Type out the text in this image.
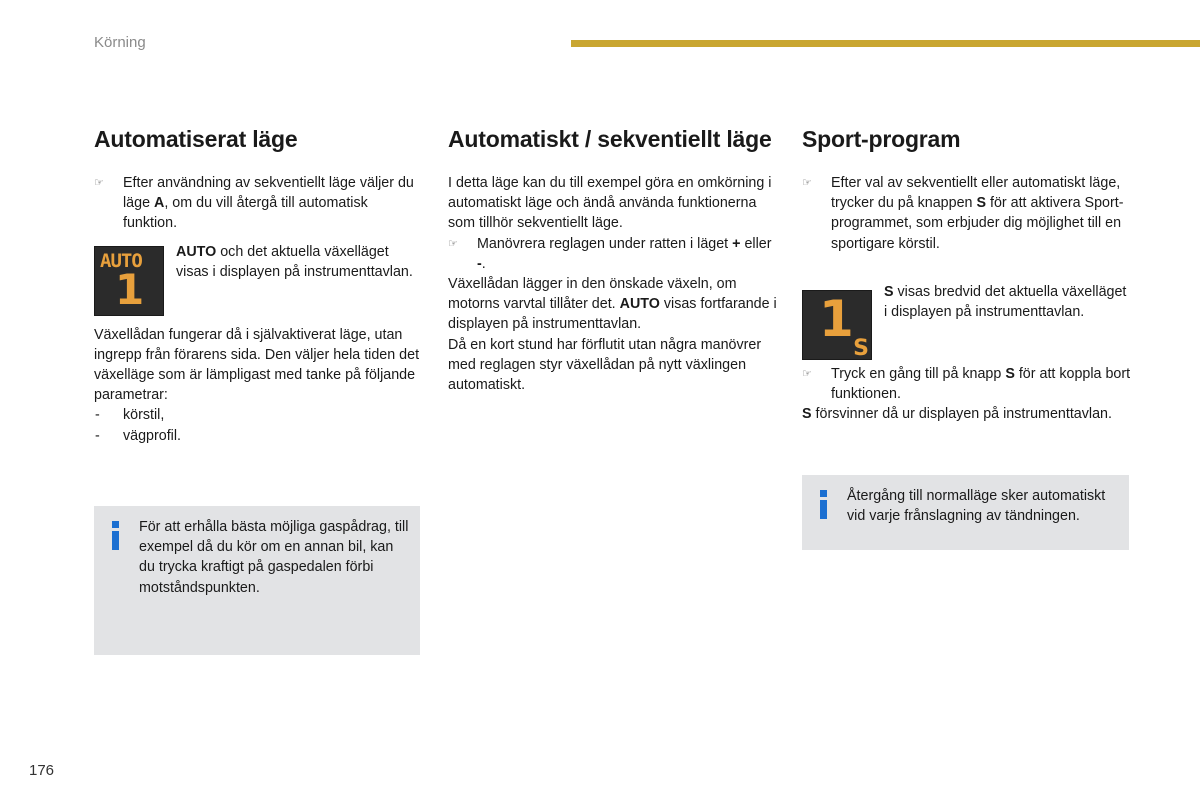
Körning
Automatiserat läge
☞ Efter användning av sekventiellt läge väljer du läge A, om du vill återgå till automatisk funktion.
AUTO
1
AUTO och det aktuella växelläget visas i displayen på instrumenttavlan.

Växellådan fungerar då i självaktiverat läge, utan ingrepp från förarens sida. Den väljer hela tiden det växelläge som är lämpligast med tanke på följande parametrar:

- körstil,
- vägprofil.
För att erhålla bästa möjliga gaspådrag, till exempel då du kör om en annan bil, kan du trycka kraftigt på gaspedalen förbi motståndspunkten.
Automatiskt / sekventiellt läge

I detta läge kan du till exempel göra en omkörning i automatiskt läge och ändå använda funktionerna som tillhör sekventiellt läge.

☞ Manövrera reglagen under ratten i läget + eller -.

Växellådan lägger in den önskade växeln, om motorns varvtal tillåter det. AUTO visas fortfarande i displayen på instrumenttavlan.

Då en kort stund har förflutit utan några manövrer med reglagen styr växellådan på nytt växlingen automatiskt.

Sport-program
☞ Efter val av sekventiellt eller automatiskt läge, trycker du på knappen S för att aktivera Sport-programmet, som erbjuder dig möjlighet till en sportigare körstil.
1
S
S visas bredvid det aktuella växelläget i displayen på instrumenttavlan.
☞ Tryck en gång till på knapp S för att koppla bort funktionen.

S försvinner då ur displayen på instrumenttavlan.

Återgång till normalläge sker automatiskt vid varje frånslagning av tändningen.
176
